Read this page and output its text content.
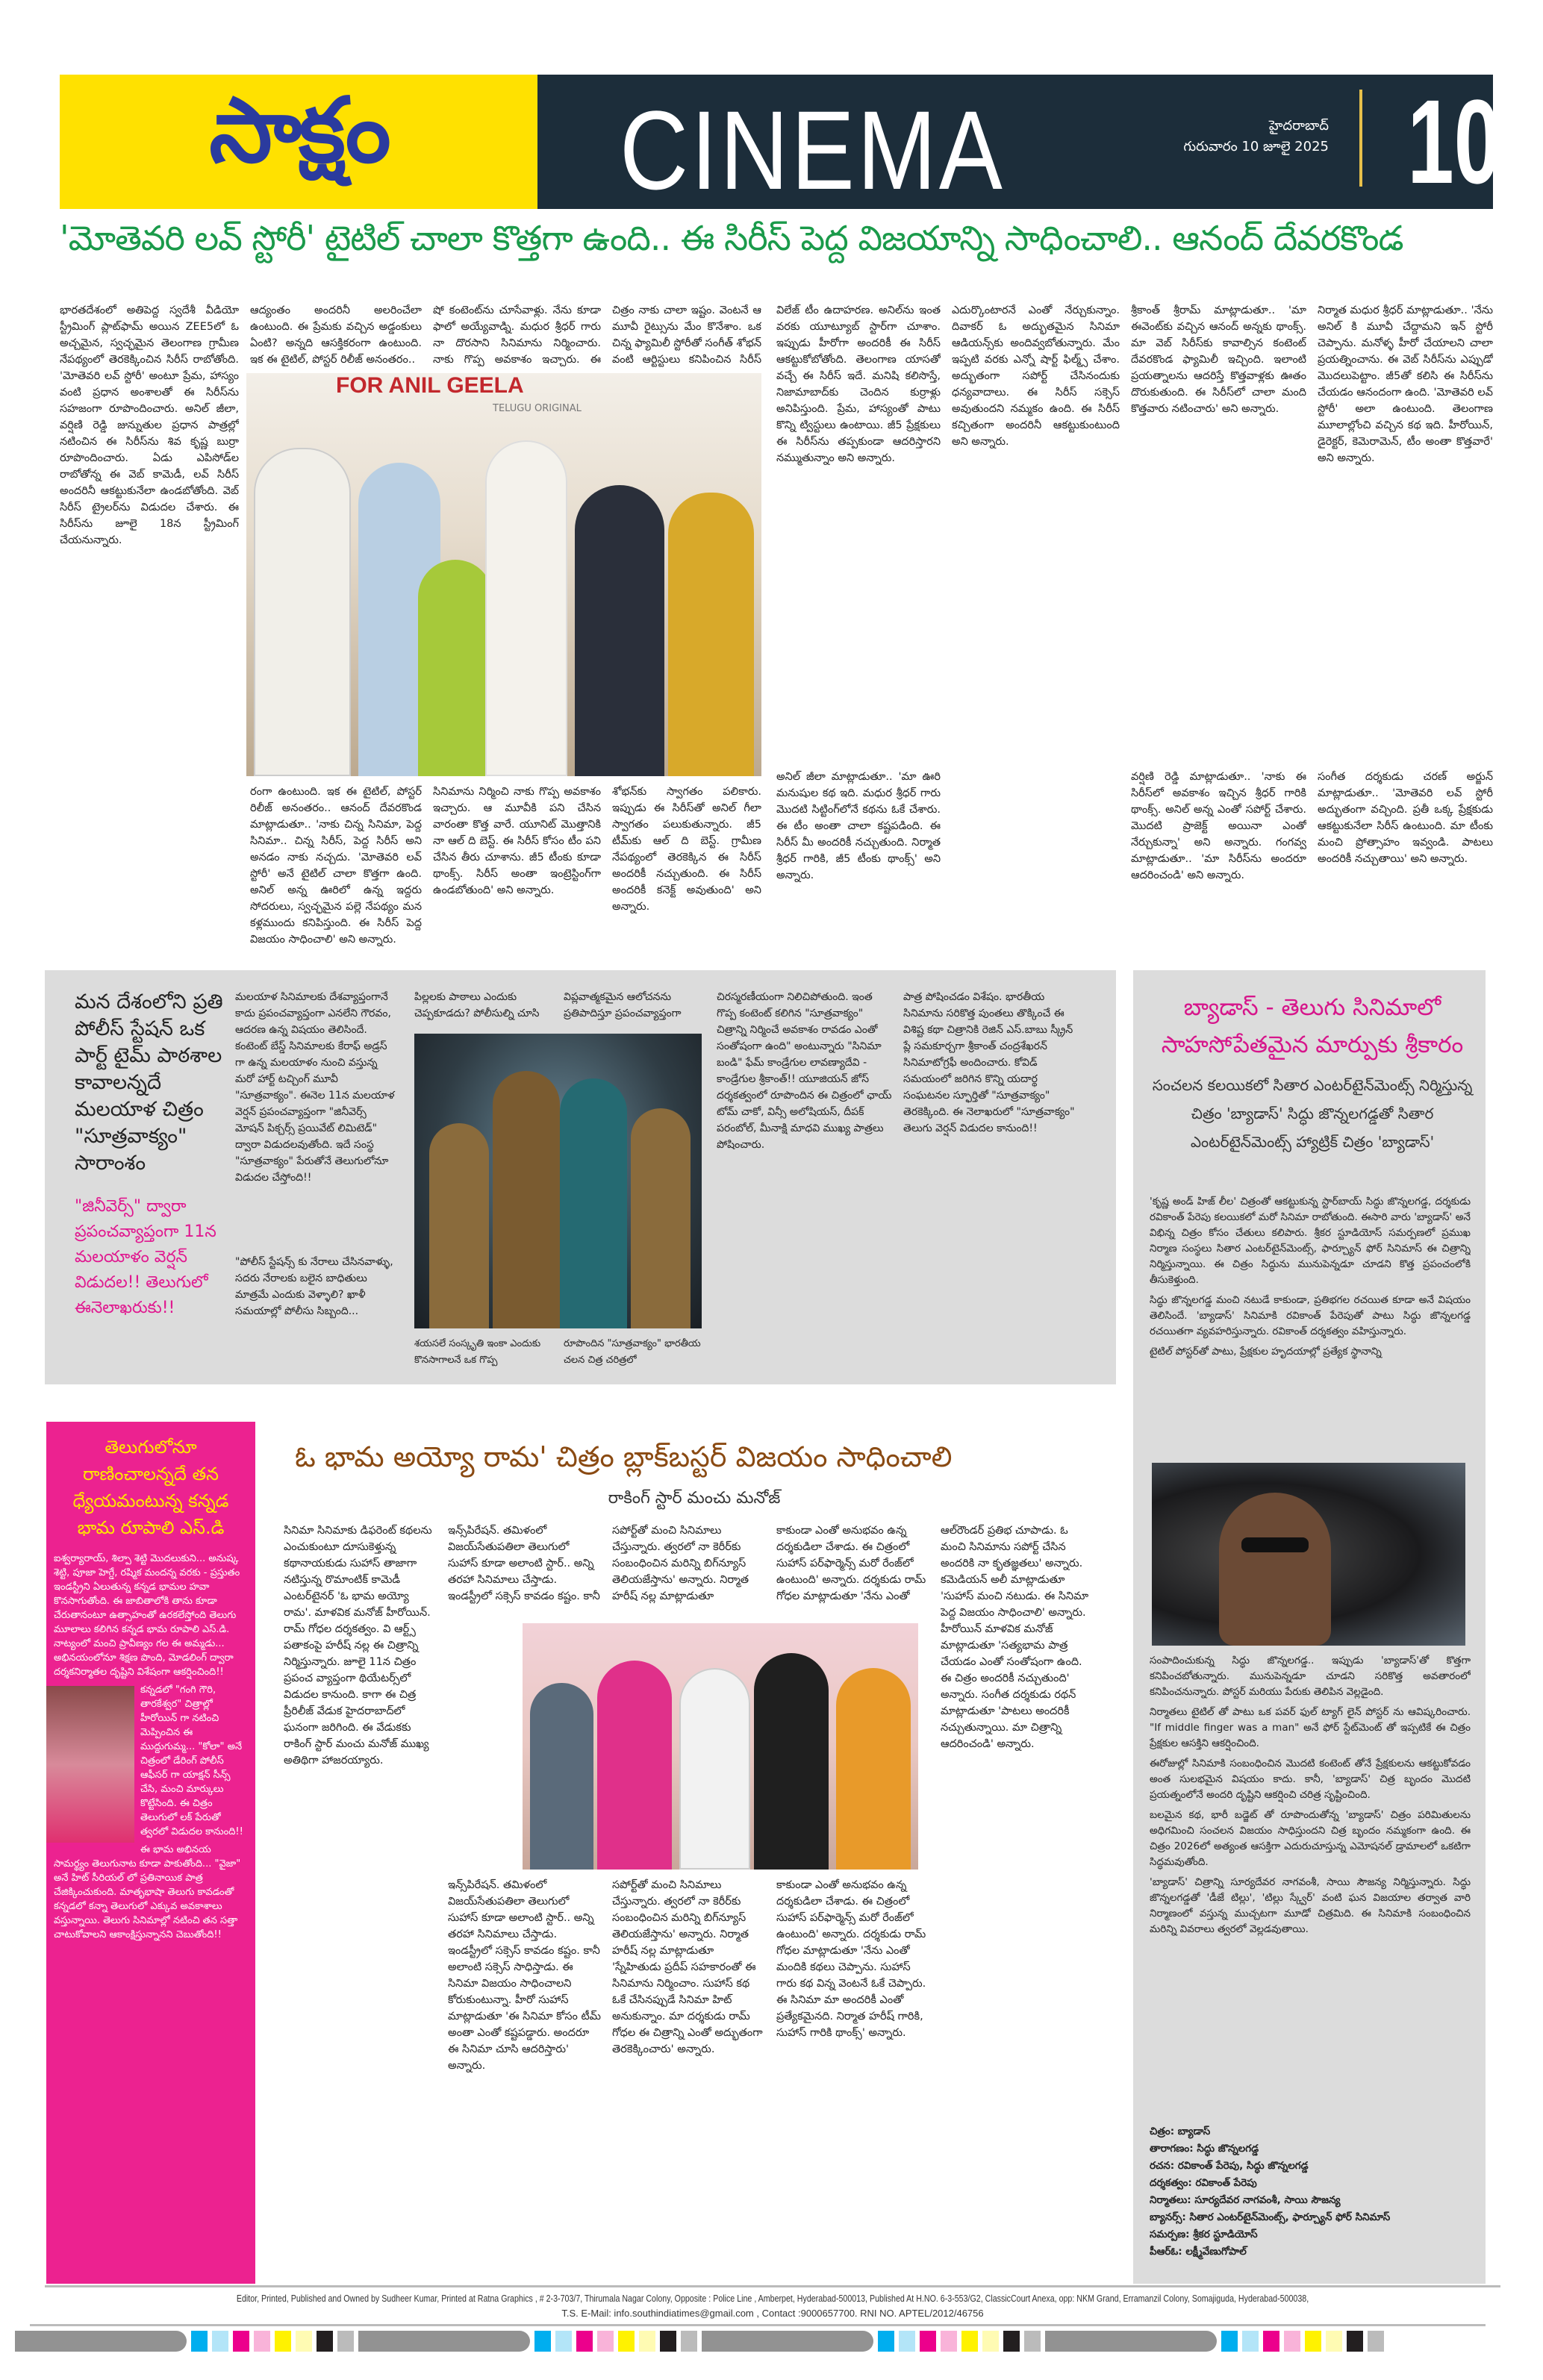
సాక్షం CINEMA	హైదరాబాద్
గురువారం 10 జూలై 2025 10
'మోతెవరి లవ్ స్టోరీ' టైటిల్ చాలా కొత్తగా ఉంది.. ఈ సిరీస్ పెద్ద విజయాన్ని సాధించాలి.. ఆనంద్ దేవరకొండ
భారతదేశంలో అతిపెద్ద స్వదేశీ వీడియో స్ట్రీమింగ్ ప్లాట్‌ఫామ్ అయిన ZEE5లో ఓ అచ్చమైన, స్వచ్ఛమైన తెలంగాణ గ్రామీణ నేపథ్యంలో తెరకెక్కించిన సిరీస్ రాబోతోంది. 'మోతెవరి లవ్ స్టోరీ' అంటూ ప్రేమ, హాస్యం వంటి ప్రధాన అంశాలతో ఈ సిరీస్‌ను సహజంగా రూపొందించారు. అనిల్ జీలా, వర్షిణి రెడ్డి జున్నుతుల ప్రధాన పాత్రల్లో నటించిన ఈ సిరీస్‌ను శివ కృష్ణ బుర్రా రూపొందించారు. ఏడు ఎపిసోడ్‌ల రాబోతోన్న ఈ వెబ్ కామెడీ, లవ్ సిరీస్ అందరినీ ఆకట్టుకునేలా ఉండబోతోంది. వెబ్ సిరీస్ ట్రైలర్‌ను విడుదల చేశారు. ఈ సిరీస్‌ను జూలై 18న స్ట్రీమింగ్ చేయనున్నారు.
ఆద్యంతం అందరినీ అలరించేలా ఉంటుంది. ఈ ప్రేమకు వచ్చిన అడ్డంకులు ఏంటి? అన్నది ఆసక్తికరంగా ఉంటుంది. ఇక ఈ టైటిల్, పోస్టర్ రిలీజ్ అనంతరం..
షో కంటెంట్‌ను చూసేవాళ్లు. నేను కూడా ఫాలో అయ్యేవాడ్ని. మధుర శ్రీధర్ గారు నా దొరసాని సినిమాను నిర్మించారు. నాకు గొప్ప అవకాశం ఇచ్చారు. ఈ
చిత్రం నాకు చాలా ఇష్టం. వెంటనే ఆ మూవీ రైట్సును మేం కొనేశాం. ఒక చిన్న ఫ్యామిలీ స్టోరీతో సంగీత్ శోభన్ వంటి ఆర్టిస్టులు కనిపించిన సిరీస్
విలేజ్ టీం ఉదాహరణ. అనిల్‌ను ఇంత వరకు యూట్యూబ్ స్టార్‌గా చూశాం. ఇప్పుడు హీరోగా అందరికీ ఈ సిరీస్ ఆకట్టుకోబోతోంది. తెలంగాణ యాసతో వచ్చే ఈ సిరీస్ ఇదే. మనిషి కలిసొస్తే, నిజామాబాద్‌కు చెందిన కుర్రాళ్లు అనిపిస్తుంది. ప్రేమ, హాస్యంతో పాటు కొన్ని ట్విస్టులు ఉంటాయి. జీ5 ప్రేక్షకులు ఈ సిరీస్‌ను తప్పకుండా ఆదరిస్తారని నమ్ముతున్నాం అని అన్నారు.
ఎదుర్కొంటారనే ఎంతో నేర్చుకున్నాం. దివాకర్ ఓ అద్భుతమైన సినిమా ఆడియన్స్‌కు అందివ్వబోతున్నారు. మేం ఇప్పటి వరకు ఎన్నో షార్ట్ ఫిల్మ్స్ చేశాం. అద్భుతంగా సపోర్ట్ చేసినందుకు ధన్యవాదాలు. ఈ సిరీస్ సక్సెస్ అవుతుందని నమ్మకం ఉంది. ఈ సిరీస్ కచ్చితంగా అందరినీ ఆకట్టుకుంటుంది అని అన్నారు.
శ్రీకాంత్ శ్రీరామ్ మాట్లాడుతూ.. 'మా ఈవెంట్‌కు వచ్చిన ఆనంద్ అన్నకు థాంక్స్. మా వెబ్ సిరీస్‌కు కావాల్సిన కంటెంట్ దేవరకొండ ఫ్యామిలీ ఇచ్చింది. ఇలాంటి ప్రయత్నాలను ఆదరిస్తే కొత్తవాళ్లకు ఊతం దొరుకుతుంది. ఈ సిరీస్‌లో చాలా మంది కొత్తవారు నటించారు' అని అన్నారు.
నిర్మాత మధుర శ్రీధర్ మాట్లాడుతూ.. 'నేను అనిల్ కి మూవీ చేద్దామని ఇన్ స్టోరీ చెప్పాను. మనోళ్ళ హీరో చేయాలని చాలా ప్రయత్నించాను. ఈ వెబ్ సిరీస్‌ను ఎప్పుడో మొదలుపెట్టాం. జీ5తో కలిసి ఈ సిరీస్‌ను చేయడం ఆనందంగా ఉంది. 'మోతెవరి లవ్ స్టోరీ' అలా ఉంటుంది. తెలంగాణ మూలాల్లోంచి వచ్చిన కథ ఇది. హీరోయిన్, డైరెక్టర్, కెమెరామెన్, టీం అంతా కొత్తవారే' అని అన్నారు.
FOR ANIL GEELA
TELUGU ORIGINAL
రంగా ఉంటుంది. ఇక ఈ టైటిల్, పోస్టర్ రిలీజ్ అనంతరం.. ఆనంద్ దేవరకొండ మాట్లాడుతూ.. 'నాకు చిన్న సినిమా, పెద్ద సినిమా.. చిన్న సిరీస్, పెద్ద సిరీస్ అని అనడం నాకు నచ్చదు. 'మోతెవరి లవ్ స్టోరీ' అనే టైటిల్ చాలా కొత్తగా ఉంది. అనిల్ అన్న ఊరిలో ఉన్న ఇద్దరు సోదరులు, స్వచ్ఛమైన పల్లె నేపథ్యం మన కళ్లముందు కనిపిస్తుంది. ఈ సిరీస్ పెద్ద విజయం సాధించాలి' అని అన్నారు.
సినిమాను నిర్మించి నాకు గొప్ప అవకాశం ఇచ్చారు. ఆ మూవీకి పని చేసిన వారంతా కొత్త వారే. యూనిట్ మొత్తానికి నా ఆల్ ది బెస్ట్. ఈ సిరీస్ కోసం టీం పని చేసిన తీరు చూశాను. జీ5 టీంకు కూడా థాంక్స్. సిరీస్ అంతా ఇంట్రెస్టింగ్‌గా ఉండబోతుంది' అని అన్నారు.
శోభన్‌కు స్వాగతం పలికారు. ఇప్పుడు ఈ సిరీస్‌తో అనిల్ గీలా స్వాగతం పలుకుతున్నారు. జీ5 టీమ్‌కు ఆల్ ది బెస్ట్. గ్రామీణ నేపథ్యంలో తెరకెక్కిన ఈ సిరీస్ అందరికీ నచ్చుతుంది. ఈ సిరీస్ అందరికీ కనెక్ట్ అవుతుంది' అని అన్నారు.
అనిల్ జీలా మాట్లాడుతూ.. 'మా ఊరి మనుషుల కథ ఇది. మధుర శ్రీధర్ గారు మొదటి సిట్టింగ్‌లోనే కథను ఓకే చేశారు. ఈ టీం అంతా చాలా కష్టపడింది. ఈ సిరీస్ మీ అందరికీ నచ్చుతుంది. నిర్మాత శ్రీధర్ గారికి, జీ5 టీంకు థాంక్స్' అని అన్నారు.
వర్షిణి రెడ్డి మాట్లాడుతూ.. 'నాకు ఈ సిరీస్‌లో అవకాశం ఇచ్చిన శ్రీధర్ గారికి థాంక్స్. అనిల్ అన్న ఎంతో సపోర్ట్ చేశారు. మొదటి ప్రాజెక్ట్ అయినా ఎంతో నేర్చుకున్నా' అని అన్నారు. గంగవ్వ మాట్లాడుతూ.. 'మా సిరీస్‌ను అందరూ ఆదరించండి' అని అన్నారు.
సంగీత దర్శకుడు చరణ్ అర్జున్ మాట్లాడుతూ.. 'మోతెవరి లవ్ స్టోరీ అద్భుతంగా వచ్చింది. ప్రతీ ఒక్క ప్రేక్షకుడు ఆకట్టుకునేలా సిరీస్ ఉంటుంది. మా టీంకు మంచి ప్రోత్సాహం ఇవ్వండి. పాటలు అందరికీ నచ్చుతాయి' అని అన్నారు.
మన దేశంలోని ప్రతి పోలీస్ స్టేషన్ ఒక పార్ట్ టైమ్ పాఠశాల కావాలన్నదే మలయాళ చిత్రం "సూత్రవాక్యం" సారాంశం
"జినీవెర్స్" ద్వారా ప్రపంచవ్యాప్తంగా 11న మలయాళం వెర్షన్ విడుదల!! తెలుగులో ఈనెలాఖరుకు!!
మలయాళ సినిమాలకు దేశవ్యాప్తంగానే కాదు ప్రపంచవ్యాప్తంగా ఎనలేని గౌరవం, ఆదరణ ఉన్న విషయం తెలిసిందే. కంటెంట్ బేస్డ్ సినిమాలకు కేరాఫ్ అడ్రస్ గా ఉన్న మలయాళం నుంచి వస్తున్న మరో హార్ట్ టచ్చింగ్ మూవీ "సూత్రవాక్యం". ఈనెల 11న మలయాళ వెర్షన్ ప్రపంచవ్యాప్తంగా "జినీవెర్స్ మోషన్ పిక్చర్స్ ప్రయివేట్ లిమిటెడ్" ద్వారా విడుదలవుతోంది. ఇదే సంస్థ "సూత్రవాక్యం" పేరుతోనే తెలుగులోనూ విడుదల చేస్తోంది!!
"పోలీస్ స్టేషన్స్ కు నేరాలు చేసినవాళ్ళు, సదరు నేరాలకు బలైన బాధితులు మాత్రమే ఎందుకు వెళ్ళాలి? ఖాళీ సమయాల్లో పోలీసు సిబ్బంది...
పిల్లలకు పాఠాలు ఎందుకు చెప్పకూడదు? పోలీసుల్ని చూసి
విప్లవాత్మకమైన ఆలోచనను ప్రతిపాదిస్తూ ప్రపంచవ్యాప్తంగా
శయసలే సంస్కృతి ఇంకా ఎందుకు కొనసాగాలనే ఒక గొప్ప
రూపొందిన "సూత్రవాక్యం" భారతీయ చలన చిత్ర చరిత్రలో
చిరస్మరణీయంగా నిలిచిపోతుంది. ఇంత గొప్ప కంటెంట్ కలిగిన "సూత్రవాక్యం" చిత్రాన్ని నిర్మించే అవకాశం రావడం ఎంతో సంతోషంగా ఉంది" అంటున్నారు "సినిమా బండి" ఫేమ్ కాండ్రేగుల లావణ్యాదేవి - కాండ్రేగుల శ్రీకాంత్!! యూజియన్ జోస్ దర్శకత్వంలో రూపొందిన ఈ చిత్రంలో ఛాయ్ టోమ్ చాకో, విన్సీ అలోషియస్, దీపక్ పరంబోల్, మీనాక్షి మాధవి ముఖ్య పాత్రలు పోషించారు.
పాత్ర పోషించడం విశేషం. భారతీయ సినిమాను సరికొత్త పుంతలు తొక్కించే ఈ విశిష్ట కథా చిత్రానికి రెజిన్ ఎస్.బాబు స్క్రీన్ ప్లే సమకూర్చగా శ్రీకాంత్ చంద్రశేఖరన్ సినిమాటోగ్రఫీ అందించారు. కోవిడ్ సమయంలో జరిగిన కొన్ని యదార్థ సంఘటనల స్ఫూర్తితో "సూత్రవాక్యం" తెరకెక్కింది. ఈ నెలాఖరులో "సూత్రవాక్యం" తెలుగు వెర్షన్ విడుదల కానుంది!!
బ్యాడాస్ - తెలుగు సినిమాలో సాహసోపేతమైన మార్పుకు శ్రీకారం
సంచలన కలయికలో సితార ఎంటర్‌టైన్‌మెంట్స్ నిర్మిస్తున్న చిత్రం 'బ్యాడాస్' సిద్ధు జొన్నలగడ్డతో సితార ఎంటర్‌టైన్‌మెంట్స్ హ్యాట్రిక్ చిత్రం 'బ్యాడాస్'

'కృష్ణ అండ్ హిజ్ లీల' చిత్రంతో ఆకట్టుకున్న స్టార్‌బాయ్ సిద్ధు జొన్నలగడ్డ, దర్శకుడు రవికాంత్ పేరెపు కలయికలో మరో సినిమా రాబోతుంది. ఈసారి వారు 'బ్యాడాస్' అనే విభిన్న చిత్రం కోసం చేతులు కలిపారు. శ్రీకర స్టూడియోస్ సమర్పణలో ప్రముఖ నిర్మాణ సంస్థలు సితార ఎంటర్‌టైన్‌మెంట్స్, ఫార్చ్యూన్ ఫోర్ సినిమాస్ ఈ చిత్రాన్ని నిర్మిస్తున్నాయి. ఈ చిత్రం సిద్ధును మునుపెన్నడూ చూడని కొత్త ప్రపంచంలోకి తీసుకెళ్తుంది.

సిద్ధు జొన్నలగడ్డ మంచి నటుడే కాకుండా, ప్రతిభగల రచయిత కూడా అనే విషయం తెలిసిందే. 'బ్యాడాస్' సినిమాకి రవికాంత్ పేరెపుతో పాటు సిద్ధు జొన్నలగడ్డ రచయితగా వ్యవహరిస్తున్నారు. రవికాంత్ దర్శకత్వం వహిస్తున్నారు.

టైటిల్ పోస్టర్‌తో పాటు, ప్రేక్షకుల హృదయాల్లో ప్రత్యేక స్థానాన్ని

సంపాదించుకున్న సిద్ధు జొన్నలగడ్డ.. ఇప్పుడు 'బ్యాడాస్'తో కొత్తగా కనిపించబోతున్నారు. మునుపెన్నడూ చూడని సరికొత్త అవతారంలో కనిపించనున్నారు. పోస్టర్ మరియు పేరుకు తెలిపిన వెల్లడైంది.

నిర్మాతలు టైటిల్ తో పాటు ఒక పవర్ ఫుల్ ట్యాగ్ లైన్ పోస్టర్ ను ఆవిష్కరించారు. "If middle finger was a man" అనే ఫోర్ స్టేట్‌మెంట్ తో ఇప్పటికే ఈ చిత్రం ప్రేక్షకుల ఆసక్తిని ఆకర్షించింది.

ఈరోజుల్లో సినిమాకి సంబంధించిన మొదటి కంటెంట్ తోనే ప్రేక్షకులను ఆకట్టుకోవడం అంత సులభమైన విషయం కాదు. కానీ, 'బ్యాడాస్' చిత్ర బృందం మొదటి ప్రయత్నంలోనే అందరి దృష్టిని ఆకర్షించి చరిత్ర సృష్టించింది.

బలమైన కథ, భారీ బడ్జెట్ తో రూపొందుతోన్న 'బ్యాడాస్' చిత్రం పరిమితులను అధిగమించి సంచలన విజయం సాధిస్తుందని చిత్ర బృందం నమ్మకంగా ఉంది. ఈ చిత్రం 2026లో అత్యంత ఆసక్తిగా ఎదురుచూస్తున్న ఎమోషనల్ డ్రామాలలో ఒకటిగా సిద్ధమవుతోంది.

'బ్యాడాస్' చిత్రాన్ని సూర్యదేవర నాగవంశీ, సాయి సౌజన్య నిర్మిస్తున్నారు. సిద్ధు జొన్నలగడ్డతో 'డీజే టిల్లు', 'టిల్లు స్క్వేర్' వంటి ఘన విజయాల తర్వాత వారి నిర్మాణంలో వస్తున్న ముచ్చటగా మూడో చిత్రమిది. ఈ సినిమాకి సంబంధించిన మరిన్ని వివరాలు త్వరలో వెల్లడవుతాయి.

చిత్రం: బ్యాడాస్
తారాగణం: సిద్ధు జొన్నలగడ్డ
రచన: రవికాంత్ పేరెపు, సిద్ధు జొన్నలగడ్డ
దర్శకత్వం: రవికాంత్ పేరెపు
నిర్మాతలు: సూర్యదేవర నాగవంశీ, సాయి సౌజన్య
బ్యానర్స్: సితార ఎంటర్‌టైన్‌మెంట్స్, ఫార్చ్యూన్ ఫోర్ సినిమాస్
సమర్పణ: శ్రీకర స్టూడియోస్
పీఆర్ఓ: లక్ష్మీవేణుగోపాల్
తెలుగులోనూ రాణించాలన్నదే తన ధ్యేయమంటున్న కన్నడ భామ రూపాలి ఎస్.డి

ఐశ్వర్యారాయ్, శిల్పా శెట్టి మొదలుకుని... అనుష్క శెట్టి, పూజా హెగ్డే, రష్మిక మందన్న వరకు - ప్రస్తుతం ఇండస్ట్రీని ఏలుతున్న కన్నడ భామల హవా కొనసాగుతోంది. ఈ జాబితాలోకి తాను కూడా చేరుతానంటూ ఉత్సాహంతో ఉరకలేస్తోంది తెలుగు మూలాలు కలిగిన కన్నడ భామ రూపాలి ఎస్.డి. నాట్యంలో మంచి ప్రావీణ్యం గల ఈ అమ్మడు... అభినయంలోనూ శిక్షణ పొంది, మోడలింగ్ ద్వారా దర్శకనిర్మాతల దృష్టిని విశేషంగా ఆకర్షించింది!!

కన్నడలో "గంగి గౌరి, తారకేశ్వర" చిత్రాల్లో హీరోయిన్ గా నటించి మెప్పించిన ఈ ముద్దుగుమ్మ... "కోలా" అనే చిత్రంలో డేరింగ్ పోలీస్ ఆఫీసర్ గా యాక్షన్ సీన్స్ చేసి, మంచి మార్కులు కొట్టేసింది. ఈ చిత్రం తెలుగులో లక్ పేరుతో త్వరలో విడుదల కానుంది!!

ఈ భామ అభినయ సామర్థ్యం తెలుగునాట కూడా పాకుతోంది... "వైజా" అనే హిట్ సీరియల్ లో ప్రతినాయిక పాత్ర చేజిక్కించుకుంది. మాతృభాషా తెలుగు కావడంతో కన్నడలో కన్నా తెలుగులో ఎక్కువ అవకాశాలు వస్తున్నాయి. తెలుగు సినిమాల్లో నటించి తన సత్తా చాటుకోవాలని ఆకాంక్షిస్తున్నానని చెబుతోంది!!

ఓ భామ అయ్యో రామ' చిత్రం బ్లాక్‌బస్టర్ విజయం సాధించాలి
రాకింగ్ స్టార్ మంచు మనోజ్
సినిమా సినిమాకు డిఫరెంట్ కథలను ఎంచుకుంటూ దూసుకెళ్తున్న కథానాయకుడు సుహాస్ తాజాగా నటిస్తున్న రొమాంటిక్ కామెడీ ఎంటర్‌టైనర్ 'ఓ భామ అయ్యో రామ'. మాళవిక మనోజ్ హీరోయిన్. రామ్ గోధల దర్శకత్వం. వి ఆర్ట్స్ పతాకంపై హరీష్ నల్ల ఈ చిత్రాన్ని నిర్మిస్తున్నారు. జూలై 11న చిత్రం ప్రపంచ వ్యాప్తంగా థియేటర్స్‌లో విడుదల కానుంది. కాగా ఈ చిత్ర ప్రీరిలీజ్ వేడుక హైదరాబాద్‌లో ఘనంగా జరిగింది. ఈ వేడుకకు రాకింగ్ స్టార్ మంచు మనోజ్ ముఖ్య అతిథిగా హాజరయ్యారు.
ఇన్స్‌పిరేషన్. తమిళంలో విజయ్‌సేతుపతిలా తెలుగులో సుహాస్ కూడా అలాంటి స్టార్.. అన్ని తరహా సినిమాలు చేస్తాడు. ఇండస్ట్రీలో సక్సెస్ కావడం కష్టం. కానీ
సపోర్ట్‌తో మంచి సినిమాలు చేస్తున్నారు. త్వరలో నా కెరీర్‌కు సంబంధించిన మరిన్ని బిగ్‌న్యూస్ తెలియజేస్తాను' అన్నారు. నిర్మాత హరీష్ నల్ల మాట్లాడుతూ
కాకుండా ఎంతో అనుభవం ఉన్న దర్శకుడిలా చేశాడు. ఈ చిత్రంలో సుహాస్ పర్‌ఫార్మెన్స్ మరో రేంజ్‌లో ఉంటుంది' అన్నారు. దర్శకుడు రామ్ గోధల మాట్లాడుతూ 'నేను ఎంతో
ఆల్‌రౌండర్ ప్రతిభ చూపాడు. ఓ మంచి సినిమాను సపోర్ట్ చేసిన అందరికి నా కృతజ్ఞతలు' అన్నారు. కమెడియన్ అలీ మాట్లాడుతూ 'సుహాస్ మంచి నటుడు. ఈ సినిమా పెద్ద విజయం సాధించాలి' అన్నారు. హీరోయిన్ మాళవిక మనోజ్ మాట్లాడుతూ 'సత్యభామ పాత్ర చేయడం ఎంతో సంతోషంగా ఉంది. ఈ చిత్రం అందరికీ నచ్చుతుంది' అన్నారు. సంగీత దర్శకుడు రథన్ మాట్లాడుతూ 'పాటలు అందరికీ నచ్చుతున్నాయి. మా చిత్రాన్ని ఆదరించండి' అన్నారు.
ఇన్స్‌పిరేషన్. తమిళంలో విజయ్‌సేతుపతిలా తెలుగులో సుహాస్ కూడా అలాంటి స్టార్.. అన్ని తరహా సినిమాలు చేస్తాడు. ఇండస్ట్రీలో సక్సెస్ కావడం కష్టం. కానీ అలాంటి సక్సెస్ సాధిస్తాడు. ఈ సినిమా విజయం సాధించాలని కోరుకుంటున్నా. హీరో సుహాస్ మాట్లాడుతూ 'ఈ సినిమా కోసం టీమ్ అంతా ఎంతో కష్టపడ్డారు. అందరూ ఈ సినిమా చూసి ఆదరిస్తారు' అన్నారు.
సపోర్ట్‌తో మంచి సినిమాలు చేస్తున్నారు. త్వరలో నా కెరీర్‌కు సంబంధించిన మరిన్ని బిగ్‌న్యూస్ తెలియజేస్తాను' అన్నారు. నిర్మాత హరీష్ నల్ల మాట్లాడుతూ 'స్నేహితుడు ప్రదీప్ సహకారంతో ఈ సినిమాను నిర్మించాం. సుహాస్ కథ ఓకే చేసినప్పుడే సినిమా హిట్ అనుకున్నాం. మా దర్శకుడు రామ్ గోధల ఈ చిత్రాన్ని ఎంతో అద్భుతంగా తెరకెక్కించారు' అన్నారు.
కాకుండా ఎంతో అనుభవం ఉన్న దర్శకుడిలా చేశాడు. ఈ చిత్రంలో సుహాస్ పర్‌ఫార్మెన్స్ మరో రేంజ్‌లో ఉంటుంది' అన్నారు. దర్శకుడు రామ్ గోధల మాట్లాడుతూ 'నేను ఎంతో మందికి కథలు చెప్పాను. సుహాస్ గారు కథ విన్న వెంటనే ఓకే చెప్పారు. ఈ సినిమా మా అందరికీ ఎంతో ప్రత్యేకమైనది. నిర్మాత హరీష్ గారికి, సుహాస్ గారికి థాంక్స్' అన్నారు.
Editor, Printed, Published and Owned by Sudheer Kumar, Printed at Ratna Graphics , # 2-3-703/7, Thirumala Nagar Colony, Opposite : Police Line , Amberpet, Hyderabad-500013, Published At H.NO. 6-3-553/G2, ClassicCourt Anexa, opp: NKM Grand, Erramanzil Colony, Somajiguda, Hyderabad-500038,
T.S. E-Mail: info.southindiatimes@gmail.com , Contact :9000657700. RNI NO. APTEL/2012/46756
